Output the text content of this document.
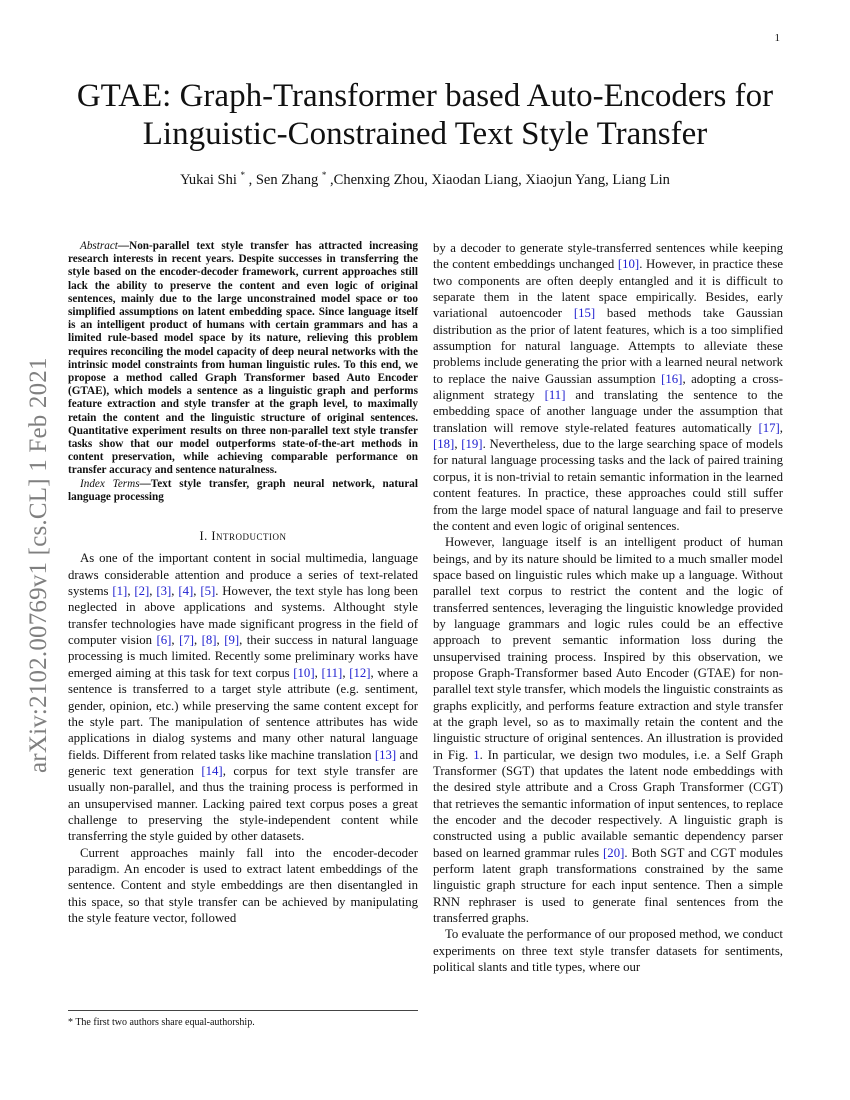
1
arXiv:2102.00769v1 [cs.CL] 1 Feb 2021
GTAE: Graph-Transformer based Auto-Encoders for
Linguistic-Constrained Text Style Transfer
Yukai Shi * , Sen Zhang * ,Chenxing Zhou, Xiaodan Liang, Xiaojun Yang, Liang Lin

Abstract—Non-parallel text style transfer has attracted increasing research interests in recent years. Despite successes in transferring the style based on the encoder-decoder framework, current approaches still lack the ability to preserve the content and even logic of original sentences, mainly due to the large unconstrained model space or too simplified assumptions on latent embedding space. Since language itself is an intelligent product of humans with certain grammars and has a limited rule-based model space by its nature, relieving this problem requires reconciling the model capacity of deep neural networks with the intrinsic model constraints from human linguistic rules. To this end, we propose a method called Graph Transformer based Auto Encoder (GTAE), which models a sentence as a linguistic graph and performs feature extraction and style transfer at the graph level, to maximally retain the content and the linguistic structure of original sentences. Quantitative experiment results on three non-parallel text style transfer tasks show that our model outperforms state-of-the-art methods in content preservation, while achieving comparable performance on transfer accuracy and sentence naturalness.

Index Terms—Text style transfer, graph neural network, natural language processing

I. Introduction

As one of the important content in social multimedia, language draws considerable attention and produce a series of text-related systems [1], [2], [3], [4], [5]. However, the text style has long been neglected in above applications and systems. Althought style transfer technologies have made significant progress in the field of computer vision [6], [7], [8], [9], their success in natural language processing is much limited. Recently some preliminary works have emerged aiming at this task for text corpus [10], [11], [12], where a sentence is transferred to a target style attribute (e.g. sentiment, gender, opinion, etc.) while preserving the same content except for the style part. The manipulation of sentence attributes has wide applications in dialog systems and many other natural language fields. Different from related tasks like machine translation [13] and generic text generation [14], corpus for text style transfer are usually non-parallel, and thus the training process is performed in an unsupervised manner. Lacking paired text corpus poses a great challenge to preserving the style-independent content while transferring the style guided by other datasets.

Current approaches mainly fall into the encoder-decoder paradigm. An encoder is used to extract latent embeddings of the sentence. Content and style embeddings are then disentangled in this space, so that style transfer can be achieved by manipulating the style feature vector, followed

by a decoder to generate style-transferred sentences while keeping the content embeddings unchanged [10]. However, in practice these two components are often deeply entangled and it is difficult to separate them in the latent space empirically. Besides, early variational autoencoder [15] based methods take Gaussian distribution as the prior of latent features, which is a too simplified assumption for natural language. Attempts to alleviate these problems include generating the prior with a learned neural network to replace the naive Gaussian assumption [16], adopting a cross-alignment strategy [11] and translating the sentence to the embedding space of another language under the assumption that translation will remove style-related features automatically [17], [18], [19]. Nevertheless, due to the large searching space of models for natural language processing tasks and the lack of paired training corpus, it is non-trivial to retain semantic information in the learned content features. In practice, these approaches could still suffer from the large model space of natural language and fail to preserve the content and even logic of original sentences.

However, language itself is an intelligent product of human beings, and by its nature should be limited to a much smaller model space based on linguistic rules which make up a language. Without parallel text corpus to restrict the content and the logic of transferred sentences, leveraging the linguistic knowledge provided by language grammars and logic rules could be an effective approach to prevent semantic information loss during the unsupervised training process. Inspired by this observation, we propose Graph-Transformer based Auto Encoder (GTAE) for non-parallel text style transfer, which models the linguistic constraints as graphs explicitly, and performs feature extraction and style transfer at the graph level, so as to maximally retain the content and the linguistic structure of original sentences. An illustration is provided in Fig. 1. In particular, we design two modules, i.e. a Self Graph Transformer (SGT) that updates the latent node embeddings with the desired style attribute and a Cross Graph Transformer (CGT) that retrieves the semantic information of input sentences, to replace the encoder and the decoder respectively. A linguistic graph is constructed using a public available semantic dependency parser based on learned grammar rules [20]. Both SGT and CGT modules perform latent graph transformations constrained by the same linguistic graph structure for each input sentence. Then a simple RNN rephraser is used to generate final sentences from the transferred graphs.

To evaluate the performance of our proposed method, we conduct experiments on three text style transfer datasets for sentiments, political slants and title types, where our

* The first two authors share equal-authorship.
